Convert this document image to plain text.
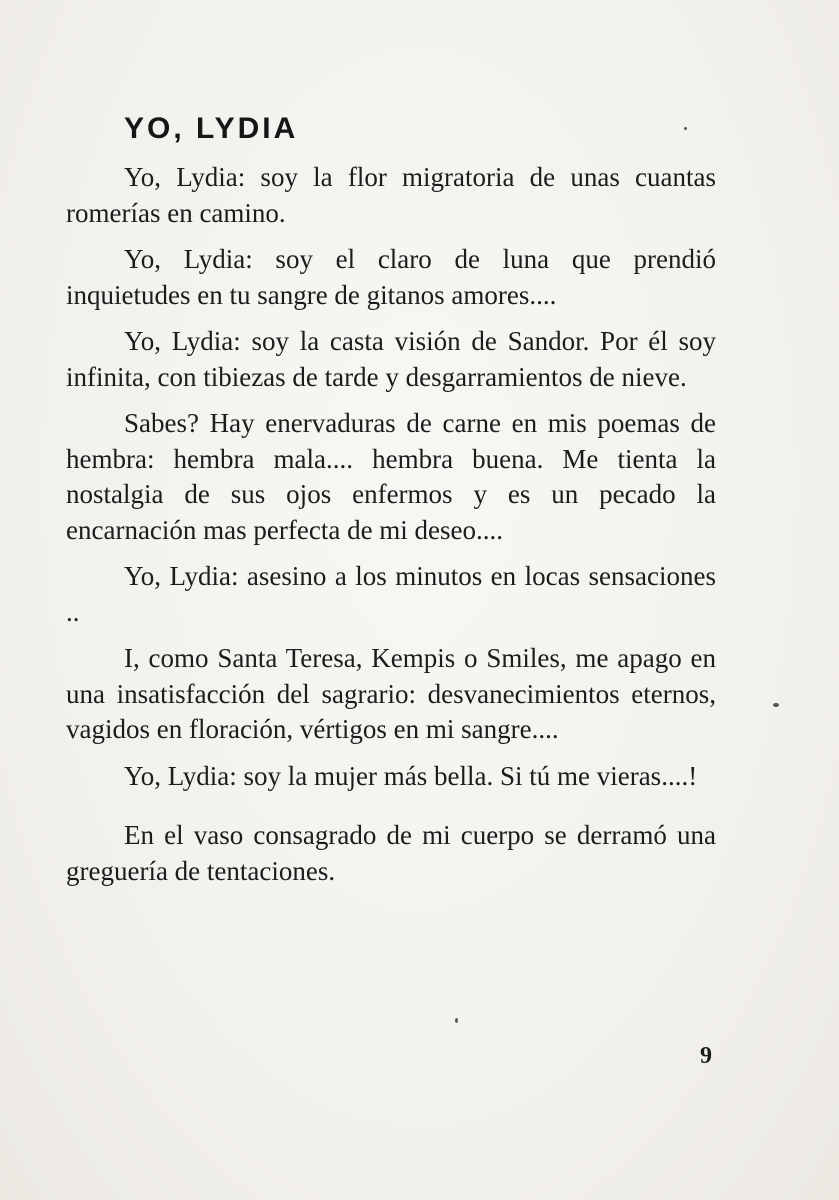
YO, LYDIA

Yo, Lydia: soy la flor migratoria de unas cuantas romerías en camino.

Yo, Lydia: soy el claro de luna que prendió inquietudes en tu sangre de gitanos amores....

Yo, Lydia: soy la casta visión de Sandor. Por él soy infinita, con tibiezas de tarde y desgarramientos de nieve.

Sabes? Hay enervaduras de carne en mis poemas de hembra: hembra mala.... hembra buena. Me tienta la nostalgia de sus ojos enfermos y es un pecado la encarnación mas perfecta de mi deseo....

Yo, Lydia: asesino a los minutos en locas sensaciones ..

I, como Santa Teresa, Kempis o Smiles, me apago en una insatisfacción del sagrario: desvanecimientos eternos, vagidos en floración, vértigos en mi sangre....

Yo, Lydia: soy la mujer más bella. Si tú me vieras....!

En el vaso consagrado de mi cuerpo se derramó una greguería de tentaciones.

9
